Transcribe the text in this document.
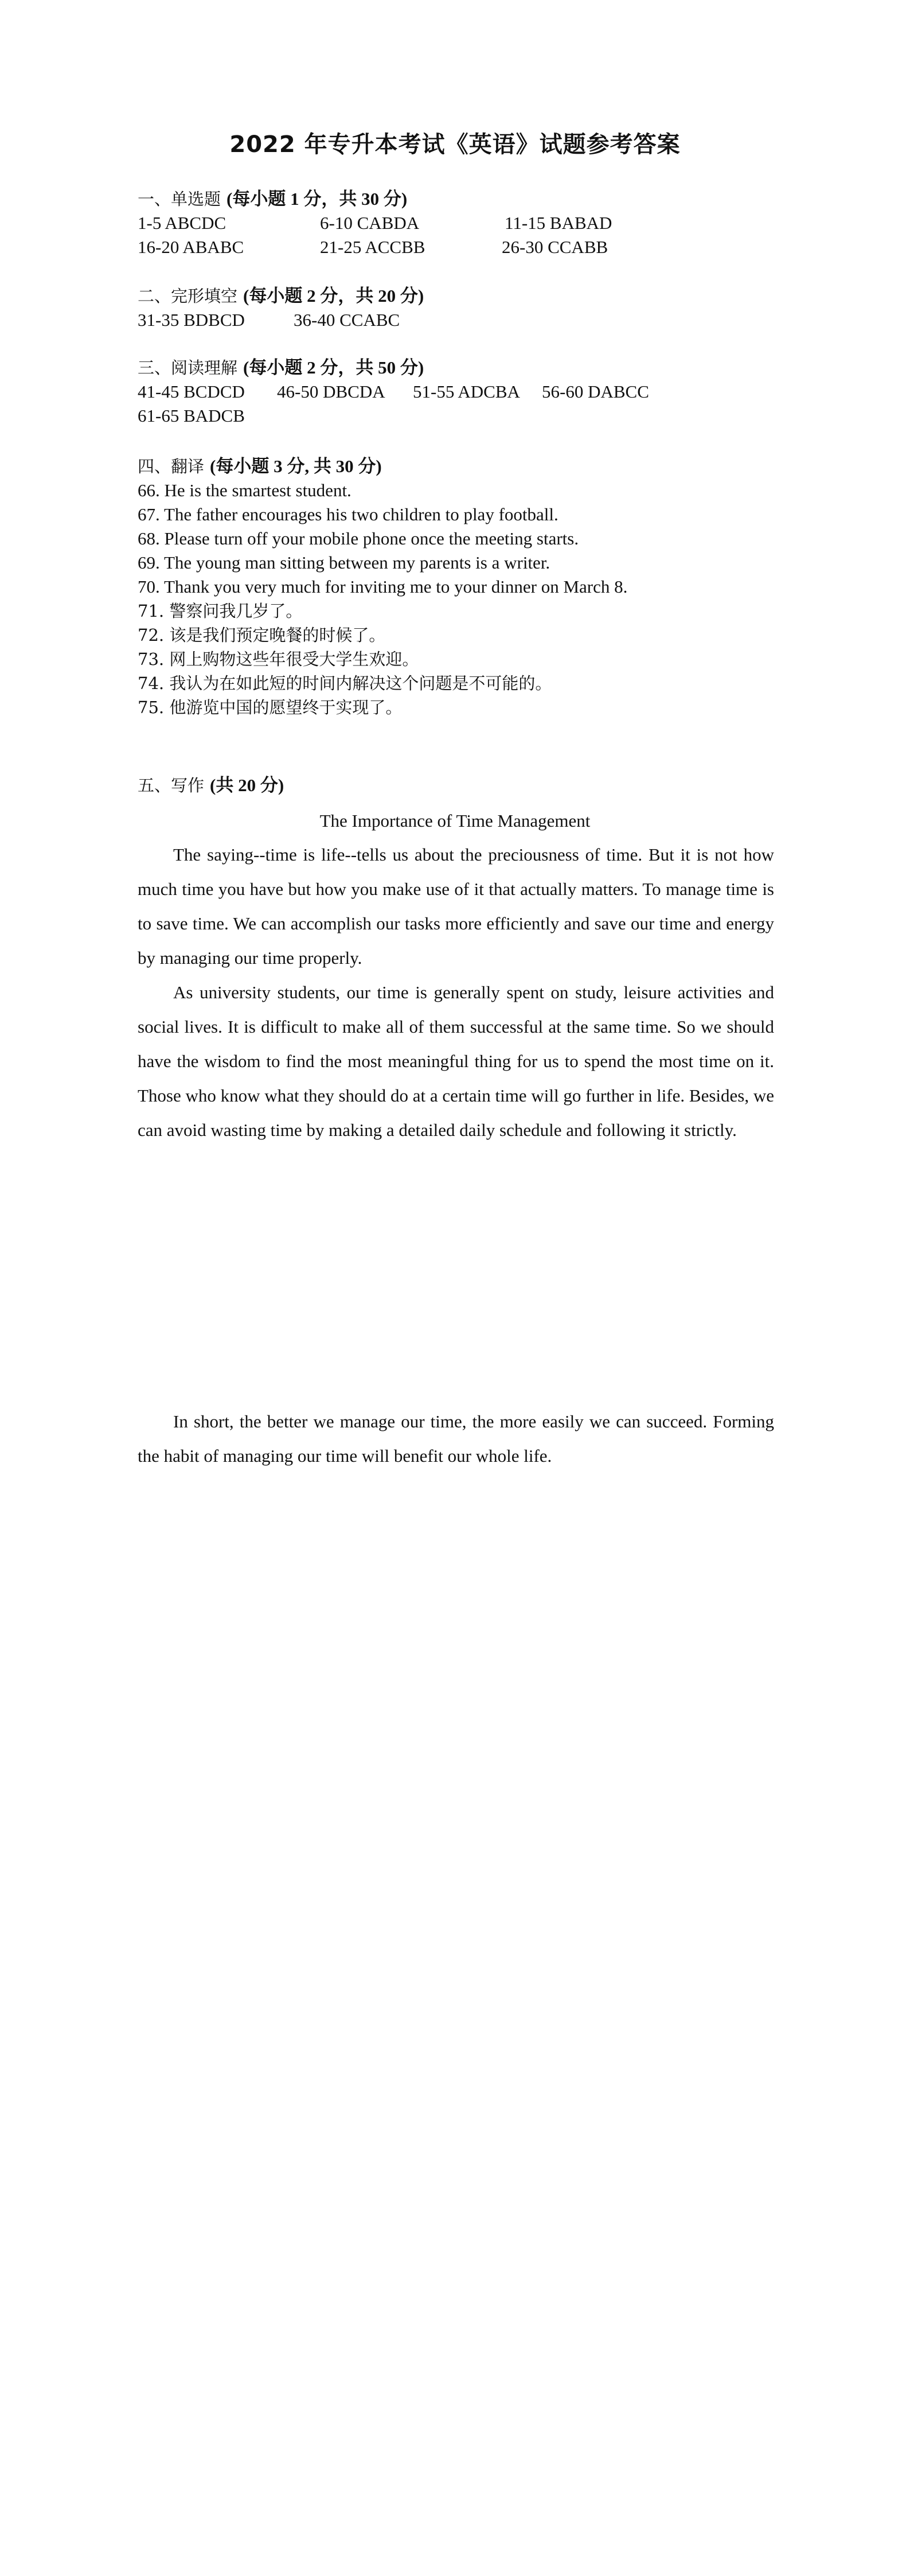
2022 年专升本考试《英语》试题参考答案
一、单选题 (每小题 1 分，共 30 分)
1-5 ABCDC	6-10 CABDA	11-15 BABAD
16-20 ABABC	21-25 ACCBB	26-30 CCABB
二、完形填空 (每小题 2 分，共 20 分)
31-35 BDBCD	36-40 CCABC
三、阅读理解 (每小题 2 分，共 50 分)
41-45 BCDCD 46-50 DBCDA 51-55 ADCBA 56-60 DABCC
61-65 BADCB
四、翻译 (每小题 3 分, 共 30 分)
66. He is the smartest student.
67. The father encourages his two children to play football.
68. Please turn off your mobile phone once the meeting starts.
69. The young man sitting between my parents is a writer.
70. Thank you very much for inviting me to your dinner on March 8.
71. 警察问我几岁了。
72. 该是我们预定晚餐的时候了。
73. 网上购物这些年很受大学生欢迎。
74. 我认为在如此短的时间内解决这个问题是不可能的。
75. 他游览中国的愿望终于实现了。
五、写作 (共 20 分)
The Importance of Time Management
The saying--time is life--tells us about the preciousness of time. But it is not how much time you have but how you make use of it that actually matters. To manage time is to save time. We can accomplish our tasks more efficiently and save our time and energy by managing our time properly.
As university students, our time is generally spent on study, leisure activities and social lives. It is difficult to make all of them successful at the same time. So we should have the wisdom to find the most meaningful thing for us to spend the most time on it. Those who know what they should do at a certain time will go further in life. Besides, we can avoid wasting time by making a detailed daily schedule and following it strictly.
In short, the better we manage our time, the more easily we can succeed. Forming the habit of managing our time will benefit our whole life.
